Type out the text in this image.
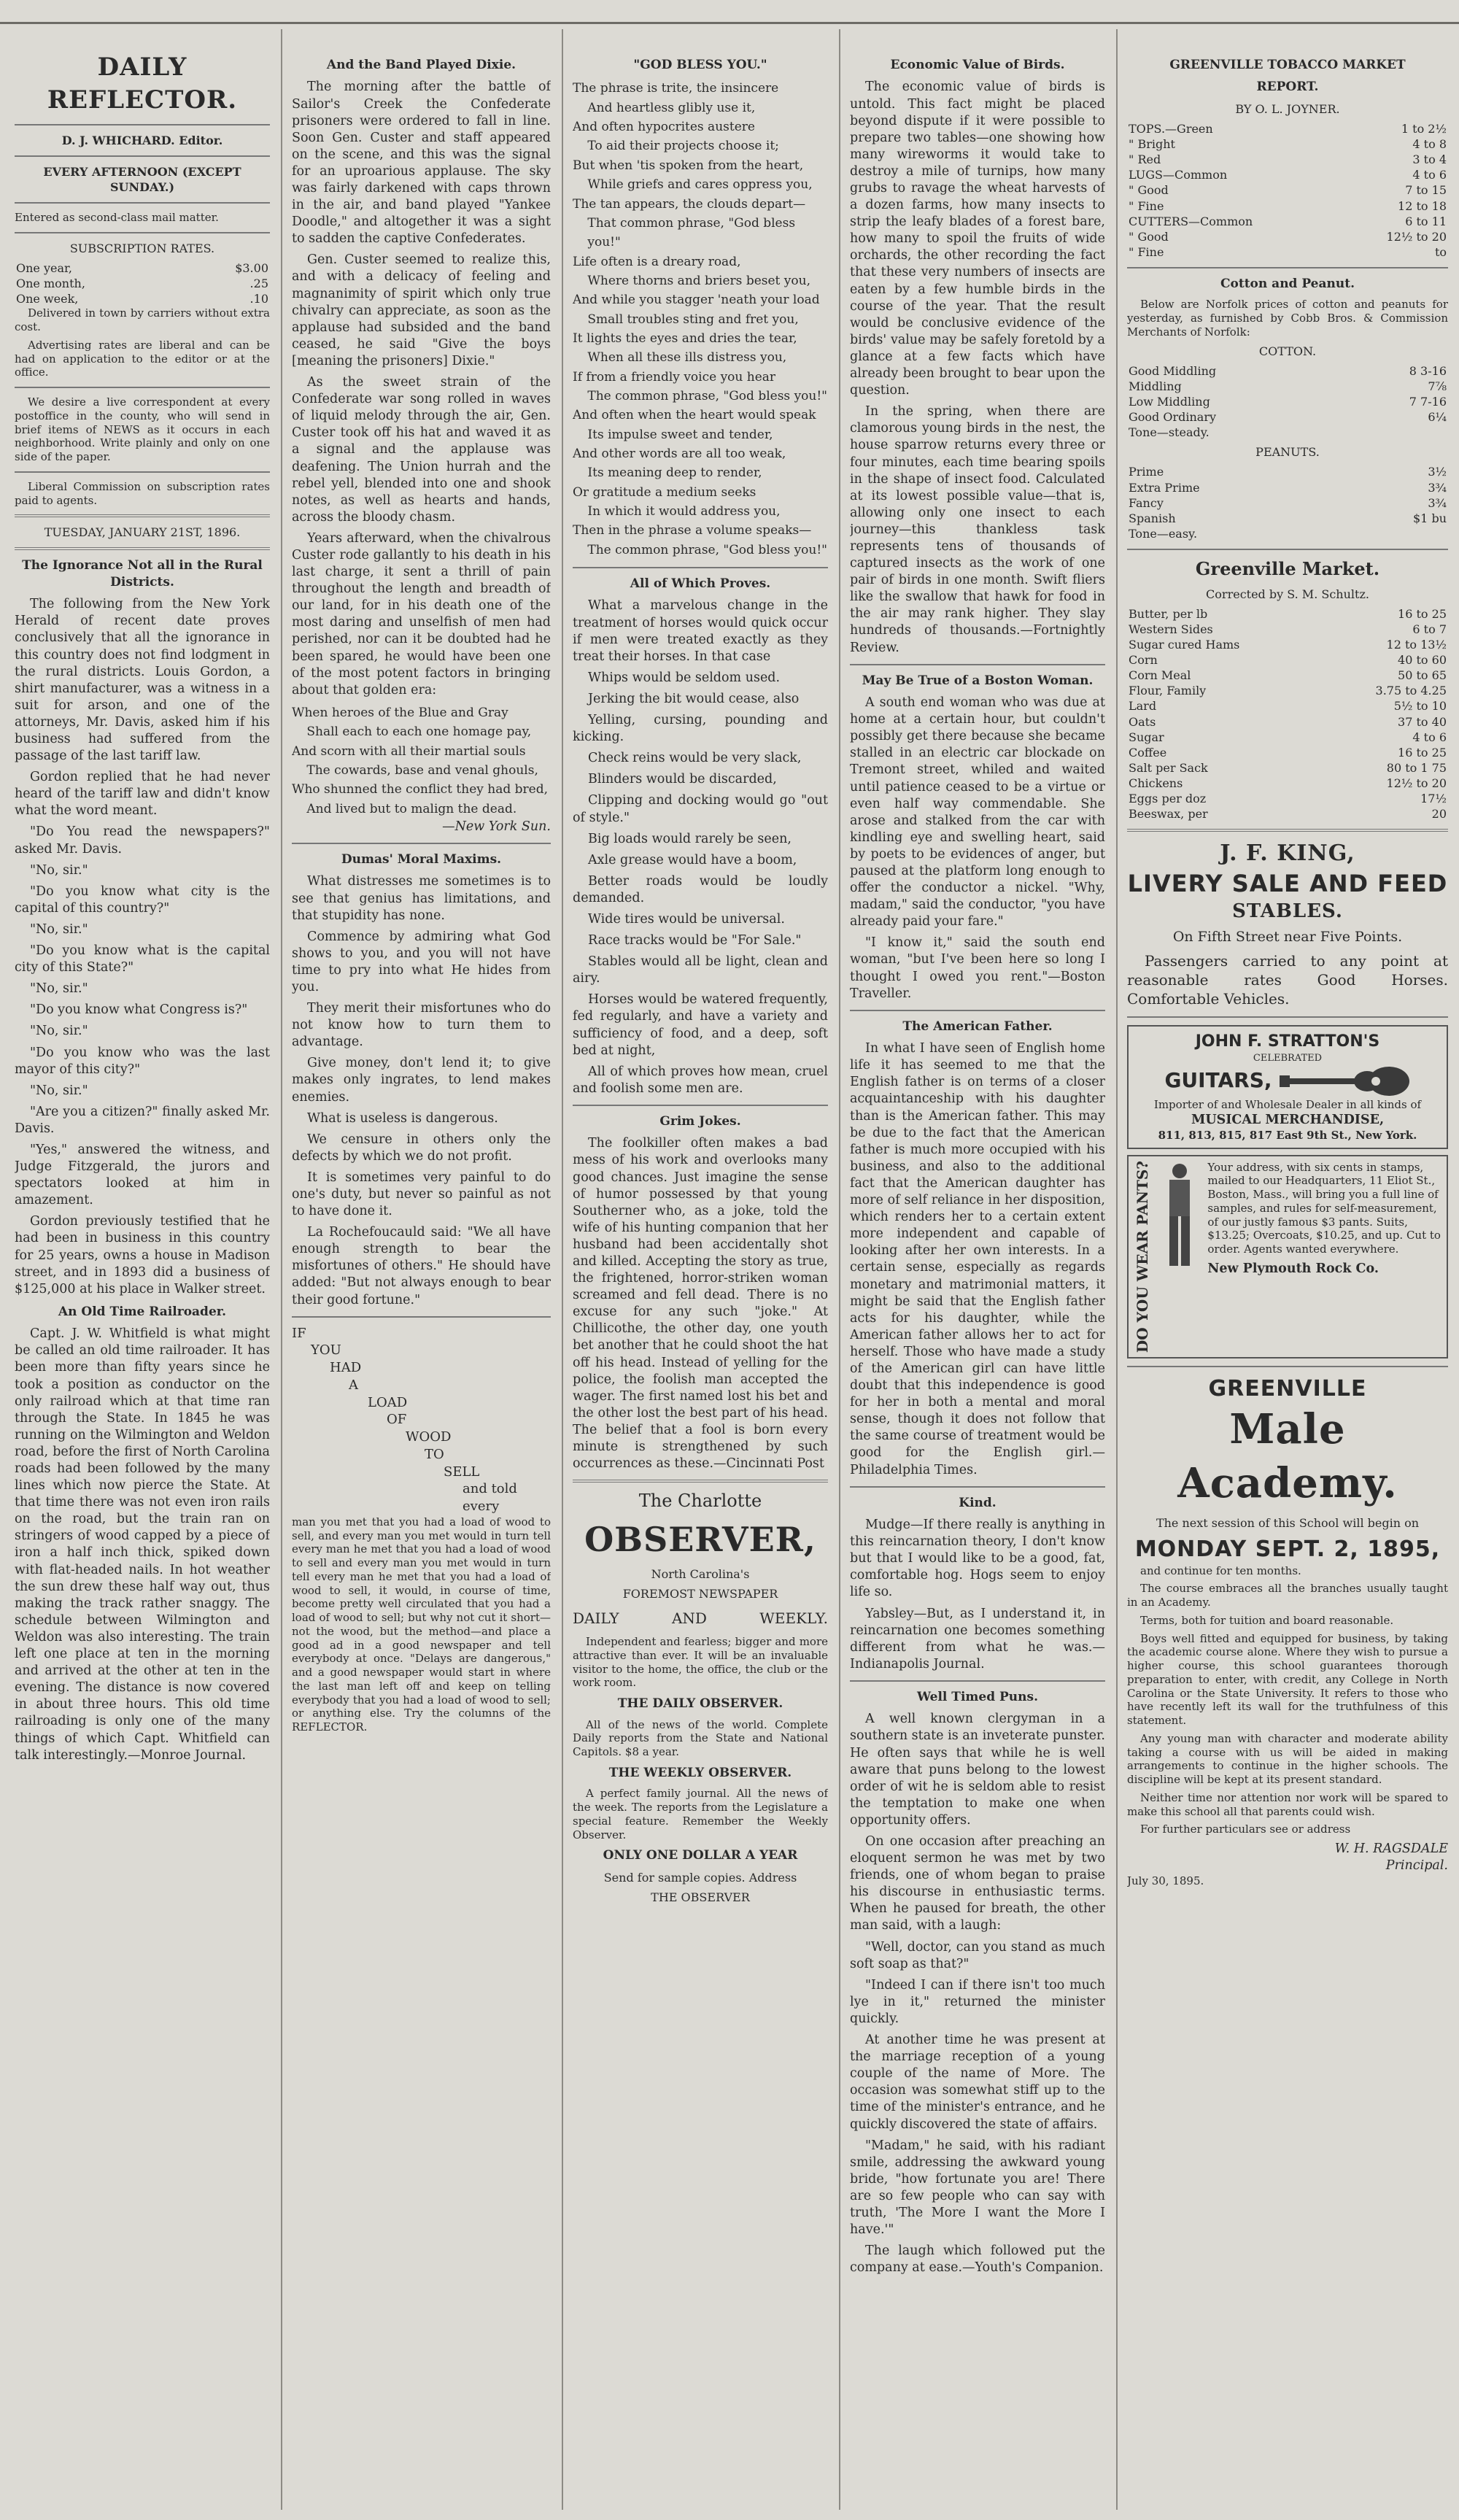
DAILY REFLECTOR.
D. J. WHICHARD. Editor.
EVERY AFTERNOON (EXCEPT SUNDAY.)
Entered as second-class mail matter.
SUBSCRIPTION RATES.
One year,	$3.00
One month,	.25
One week,	.10

Delivered in town by carriers without extra cost.

Advertising rates are liberal and can be had on application to the editor or at the office.

We desire a live correspondent at every postoffice in the county, who will send in brief items of NEWS as it occurs in each neighborhood. Write plainly and only on one side of the paper.

Liberal Commission on subscription rates paid to agents.

TUESDAY, JANUARY 21ST, 1896.
The Ignorance Not all in the Rural Districts.

The following from the New York Herald of recent date proves conclusively that all the ignorance in this country does not find lodgment in the rural districts. Louis Gordon, a shirt manufacturer, was a witness in a suit for arson, and one of the attorneys, Mr. Davis, asked him if his business had suffered from the passage of the last tariff law.

Gordon replied that he had never heard of the tariff law and didn't know what the word meant.

"Do You read the newspapers?" asked Mr. Davis.

"No, sir."

"Do you know what city is the capital of this country?"

"No, sir."

"Do you know what is the capital city of this State?"

"No, sir."

"Do you know what Congress is?"

"No, sir."

"Do you know who was the last mayor of this city?"

"No, sir."

"Are you a citizen?" finally asked Mr. Davis.

"Yes," answered the witness, and Judge Fitzgerald, the jurors and spectators looked at him in amazement.

Gordon previously testified that he had been in business in this country for 25 years, owns a house in Madison street, and in 1893 did a business of $125,000 at his place in Walker street.

An Old Time Railroader.

Capt. J. W. Whitfield is what might be called an old time railroader. It has been more than fifty years since he took a position as conductor on the only railroad which at that time ran through the State. In 1845 he was running on the Wilmington and Weldon road, before the first of North Carolina roads had been followed by the many lines which now pierce the State. At that time there was not even iron rails on the road, but the train ran on stringers of wood capped by a piece of iron a half inch thick, spiked down with flat-headed nails. In hot weather the sun drew these half way out, thus making the track rather snaggy. The schedule between Wilmington and Weldon was also interesting. The train left one place at ten in the morning and arrived at the other at ten in the evening. The distance is now covered in about three hours. This old time railroading is only one of the many things of which Capt. Whitfield can talk interestingly.—Monroe Journal.

And the Band Played Dixie.

The morning after the battle of Sailor's Creek the Confederate prisoners were ordered to fall in line. Soon Gen. Custer and staff appeared on the scene, and this was the signal for an uproarious applause. The sky was fairly darkened with caps thrown in the air, and band played "Yankee Doodle," and altogether it was a sight to sadden the captive Confederates.

Gen. Custer seemed to realize this, and with a delicacy of feeling and magnanimity of spirit which only true chivalry can appreciate, as soon as the applause had subsided and the band ceased, he said "Give the boys [meaning the prisoners] Dixie."

As the sweet strain of the Confederate war song rolled in waves of liquid melody through the air, Gen. Custer took off his hat and waved it as a signal and the applause was deafening. The Union hurrah and the rebel yell, blended into one and shook notes, as well as hearts and hands, across the bloody chasm.

Years afterward, when the chivalrous Custer rode gallantly to his death in his last charge, it sent a thrill of pain throughout the length and breadth of our land, for in his death one of the most daring and unselfish of men had perished, nor can it be doubted had he been spared, he would have been one of the most potent factors in bringing about that golden era:

When heroes of the Blue and Gray
Shall each to each one homage pay,
And scorn with all their martial souls
The cowards, base and venal ghouls,
Who shunned the conflict they had bred,
And lived but to malign the dead.
—New York Sun.
Dumas' Moral Maxims.

What distresses me sometimes is to see that genius has limitations, and that stupidity has none.

Commence by admiring what God shows to you, and you will not have time to pry into what He hides from you.

They merit their misfortunes who do not know how to turn them to advantage.

Give money, don't lend it; to give makes only ingrates, to lend makes enemies.

What is useless is dangerous.

We censure in others only the defects by which we do not profit.

It is sometimes very painful to do one's duty, but never so painful as not to have done it.

La Rochefoucauld said: "We all have enough strength to bear the misfortunes of others." He should have added: "But not always enough to bear their good fortune."

IF
YOU
HAD
A
LOAD
OF
WOOD
TO
SELL
and told every

man you met that you had a load of wood to sell, and every man you met would in turn tell every man he met that you had a load of wood to sell and every man you met would in turn tell every man he met that you had a load of wood to sell, it would, in course of time, become pretty well circulated that you had a load of wood to sell; but why not cut it short—not the wood, but the method—and place a good ad in a good newspaper and tell everybody at once. "Delays are dangerous," and a good newspaper would start in where the last man left off and keep on telling everybody that you had a load of wood to sell; or anything else. Try the columns of the REFLECTOR.

"GOD BLESS YOU."
The phrase is trite, the insincere
And heartless glibly use it,
And often hypocrites austere
To aid their projects choose it;
But when 'tis spoken from the heart,
While griefs and cares oppress you,
The tan appears, the clouds depart—
That common phrase, "God bless you!"
Life often is a dreary road,
Where thorns and briers beset you,
And while you stagger 'neath your load
Small troubles sting and fret you,
It lights the eyes and dries the tear,
When all these ills distress you,
If from a friendly voice you hear
The common phrase, "God bless you!"
And often when the heart would speak
Its impulse sweet and tender,
And other words are all too weak,
Its meaning deep to render,
Or gratitude a medium seeks
In which it would address you,
Then in the phrase a volume speaks—
The common phrase, "God bless you!"
All of Which Proves.

What a marvelous change in the treatment of horses would quick occur if men were treated exactly as they treat their horses. In that case

Whips would be seldom used.

Jerking the bit would cease, also

Yelling, cursing, pounding and kicking.

Check reins would be very slack,

Blinders would be discarded,

Clipping and docking would go "out of style."

Big loads would rarely be seen,

Axle grease would have a boom,

Better roads would be loudly demanded.

Wide tires would be universal.

Race tracks would be "For Sale."

Stables would all be light, clean and airy.

Horses would be watered frequently, fed regularly, and have a variety and sufficiency of food, and a deep, soft bed at night,

All of which proves how mean, cruel and foolish some men are.

Grim Jokes.

The foolkiller often makes a bad mess of his work and overlooks many good chances. Just imagine the sense of humor possessed by that young Southerner who, as a joke, told the wife of his hunting companion that her husband had been accidentally shot and killed. Accepting the story as true, the frightened, horror-striken woman screamed and fell dead. There is no excuse for any such "joke." At Chillicothe, the other day, one youth bet another that he could shoot the hat off his head. Instead of yelling for the police, the foolish man accepted the wager. The first named lost his bet and the other lost the best part of his head. The belief that a fool is born every minute is strengthened by such occurrences as these.—Cincinnati Post

The Charlotte
OBSERVER,
North Carolina's
FOREMOST NEWSPAPER
DAILY	AND	WEEKLY.

Independent and fearless; bigger and more attractive than ever. It will be an invaluable visitor to the home, the office, the club or the work room.

THE DAILY OBSERVER.

All of the news of the world. Complete Daily reports from the State and National Capitols. $8 a year.

THE WEEKLY OBSERVER.

A perfect family journal. All the news of the week. The reports from the Legislature a special feature. Remember the Weekly Observer.

ONLY ONE DOLLAR A YEAR
Send for sample copies. Address
THE OBSERVER
Economic Value of Birds.

The economic value of birds is untold. This fact might be placed beyond dispute if it were possible to prepare two tables—one showing how many wireworms it would take to destroy a mile of turnips, how many grubs to ravage the wheat harvests of a dozen farms, how many insects to strip the leafy blades of a forest bare, how many to spoil the fruits of wide orchards, the other recording the fact that these very numbers of insects are eaten by a few humble birds in the course of the year. That the result would be conclusive evidence of the birds' value may be safely foretold by a glance at a few facts which have already been brought to bear upon the question.

In the spring, when there are clamorous young birds in the nest, the house sparrow returns every three or four minutes, each time bearing spoils in the shape of insect food. Calculated at its lowest possible value—that is, allowing only one insect to each journey—this thankless task represents tens of thousands of captured insects as the work of one pair of birds in one month. Swift fliers like the swallow that hawk for food in the air may rank higher. They slay hundreds of thousands.—Fortnightly Review.

May Be True of a Boston Woman.

A south end woman who was due at home at a certain hour, but couldn't possibly get there because she became stalled in an electric car blockade on Tremont street, whiled and waited until patience ceased to be a virtue or even half way commendable. She arose and stalked from the car with kindling eye and swelling heart, said by poets to be evidences of anger, but paused at the platform long enough to offer the conductor a nickel. "Why, madam," said the conductor, "you have already paid your fare."

"I know it," said the south end woman, "but I've been here so long I thought I owed you rent."—Boston Traveller.

The American Father.

In what I have seen of English home life it has seemed to me that the English father is on terms of a closer acquaintanceship with his daughter than is the American father. This may be due to the fact that the American father is much more occupied with his business, and also to the additional fact that the American daughter has more of self reliance in her disposition, which renders her to a certain extent more independent and capable of looking after her own interests. In a certain sense, especially as regards monetary and matrimonial matters, it might be said that the English father acts for his daughter, while the American father allows her to act for herself. Those who have made a study of the American girl can have little doubt that this independence is good for her in both a mental and moral sense, though it does not follow that the same course of treatment would be good for the English girl.—Philadelphia Times.

Kind.

Mudge—If there really is anything in this reincarnation theory, I don't know but that I would like to be a good, fat, comfortable hog. Hogs seem to enjoy life so.

Yabsley—But, as I understand it, in reincarnation one becomes something different from what he was.—Indianapolis Journal.

Well Timed Puns.

A well known clergyman in a southern state is an inveterate punster. He often says that while he is well aware that puns belong to the lowest order of wit he is seldom able to resist the temptation to make one when opportunity offers.

On one occasion after preaching an eloquent sermon he was met by two friends, one of whom began to praise his discourse in enthusiastic terms. When he paused for breath, the other man said, with a laugh:

"Well, doctor, can you stand as much soft soap as that?"

"Indeed I can if there isn't too much lye in it," returned the minister quickly.

At another time he was present at the marriage reception of a young couple of the name of More. The occasion was somewhat stiff up to the time of the minister's entrance, and he quickly discovered the state of affairs.

"Madam," he said, with his radiant smile, addressing the awkward young bride, "how fortunate you are! There are so few people who can say with truth, 'The More I want the More I have.'"

The laugh which followed put the company at ease.—Youth's Companion.

GREENVILLE TOBACCO MARKET
REPORT.
BY O. L. JOYNER.
TOPS.—Green	1 to 2½
" Bright	4 to 8
" Red	3 to 4
LUGS—Common	4 to 6
" Good	7 to 15
" Fine	12 to 18
CUTTERS—Common	6 to 11
" Good	12½ to 20
" Fine	to
Cotton and Peanut.

Below are Norfolk prices of cotton and peanuts for yesterday, as furnished by Cobb Bros. & Commission Merchants of Norfolk:

COTTON.
Good Middling	8 3-16
Middling	7⅞
Low Middling	7 7-16
Good Ordinary	6¼
Tone—steady.	
PEANUTS.
Prime	3½
Extra Prime	3¾
Fancy	3¾
Spanish	$1 bu
Tone—easy.	
Greenville Market.
Corrected by S. M. Schultz.
Butter, per lb	16 to 25
Western Sides	6 to 7
Sugar cured Hams	12 to 13½
Corn	40 to 60
Corn Meal	50 to 65
Flour, Family	3.75 to 4.25
Lard	5½ to 10
Oats	37 to 40
Sugar	4 to 6
Coffee	16 to 25
Salt per Sack	80 to 1 75
Chickens	12½ to 20
Eggs per doz	17½
Beeswax, per	20
J. F. KING,
LIVERY SALE AND FEED
STABLES.
On Fifth Street near Five Points.

Passengers carried to any point at reasonable rates Good Horses. Comfortable Vehicles.

JOHN F. STRATTON'S
CELEBRATED
GUITARS,
Importer of and Wholesale Dealer in all kinds of
MUSICAL MERCHANDISE,
811, 813, 815, 817 East 9th St., New York.
DO YOU WEAR PANTS?	Your address, with six cents in stamps, mailed to our Headquarters, 11 Eliot St., Boston, Mass., will bring you a full line of samples, and rules for self-measurement, of our justly famous $3 pants. Suits, $13.25; Overcoats, $10.25, and up. Cut to order. Agents wanted everywhere.
New Plymouth Rock Co.
GREENVILLE
Male Academy.
The next session of this School will begin on
MONDAY SEPT. 2, 1895,

and continue for ten months.

The course embraces all the branches usually taught in an Academy.

Terms, both for tuition and board reasonable.

Boys well fitted and equipped for business, by taking the academic course alone. Where they wish to pursue a higher course, this school guarantees thorough preparation to enter, with credit, any College in North Carolina or the State University. It refers to those who have recently left its wall for the truthfulness of this statement.

Any young man with character and moderate ability taking a course with us will be aided in making arrangements to continue in the higher schools. The discipline will be kept at its present standard.

Neither time nor attention nor work will be spared to make this school all that parents could wish.

For further particulars see or address

W. H. RAGSDALE
Principal.
July 30, 1895.
